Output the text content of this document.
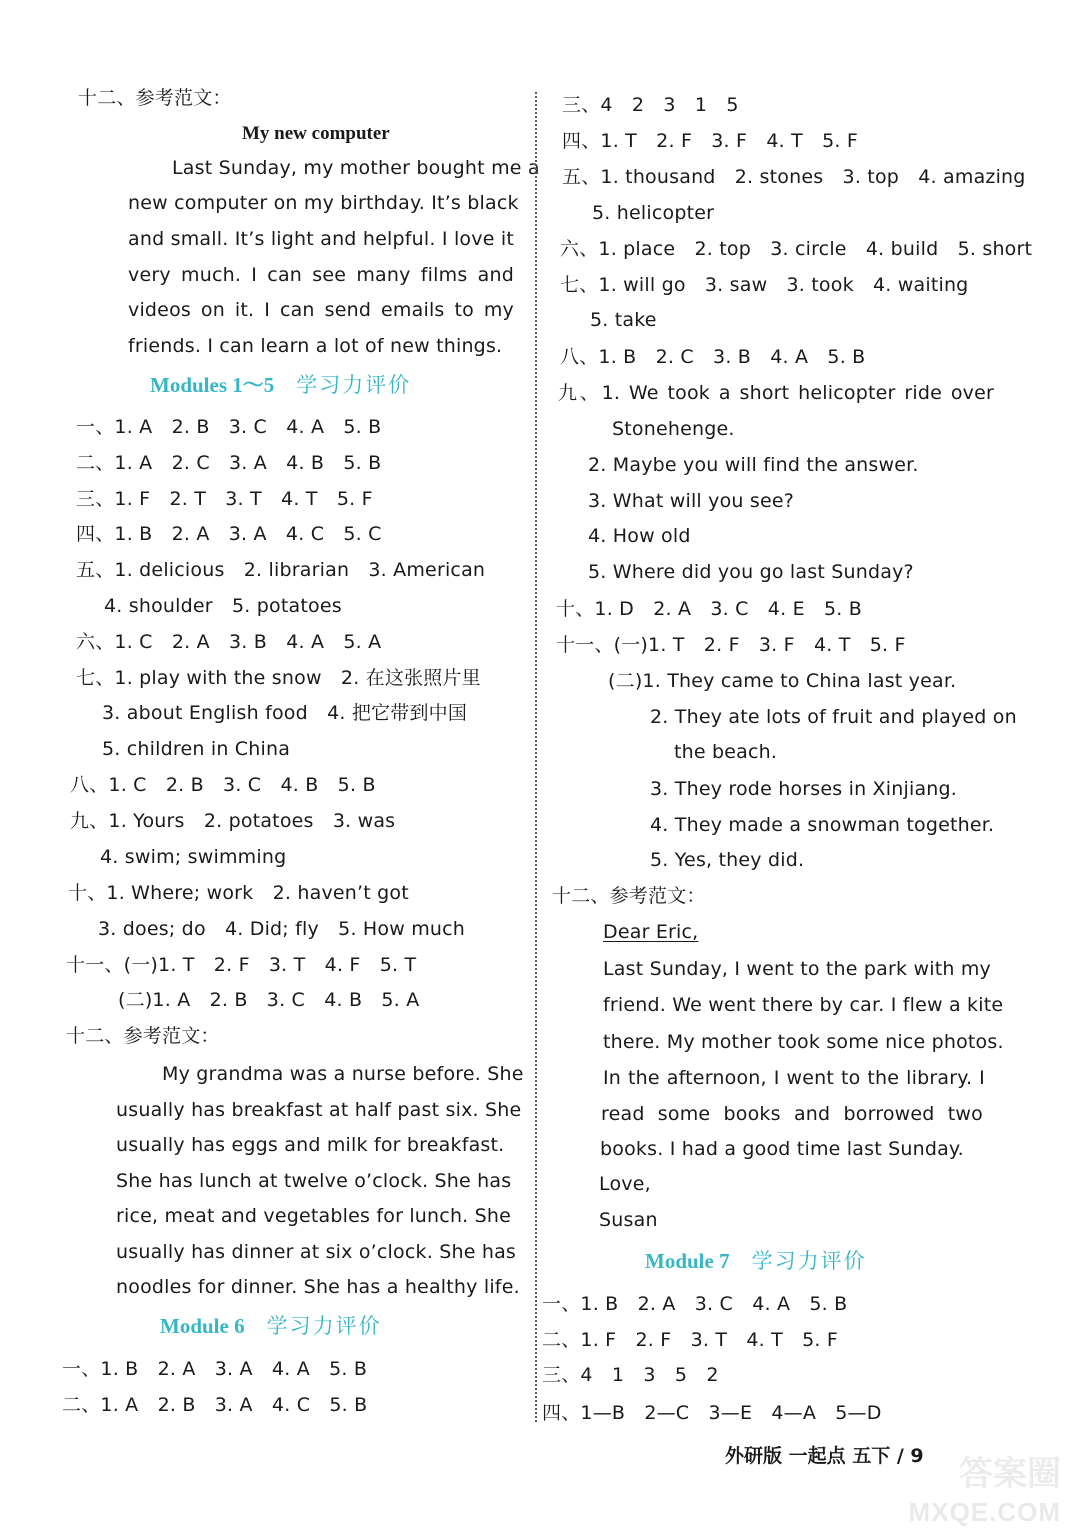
十二、参考范文：
My new computer
Last Sunday, my mother bought me a
new computer on my birthday. It’s black
and small. It’s light and helpful. I love it
very much. I can see many films and
videos on it. I can send emails to my
friends. I can learn a lot of new things.
Modules 1～5 学习力评价
一、1. A　2. B　3. C　4. A　5. B
二、1. A　2. C　3. A　4. B　5. B
三、1. F　2. T　3. T　4. T　5. F
四、1. B　2. A　3. A　4. C　5. C
五、1. delicious　2. librarian　3. American
4. shoulder　5. potatoes
六、1. C　2. A　3. B　4. A　5. A
七、1. play with the snow　2. 在这张照片里
3. about English food　4. 把它带到中国
5. children in China
八、1. C　2. B　3. C　4. B　5. B
九、1. Yours　2. potatoes　3. was
4. swim; swimming
十、1. Where; work　2. haven’t got
3. does; do　4. Did; fly　5. How much
十一、(一)1. T　2. F　3. T　4. F　5. T
(二)1. A　2. B　3. C　4. B　5. A
十二、参考范文：
My grandma was a nurse before. She
usually has breakfast at half past six. She
usually has eggs and milk for breakfast.
She has lunch at twelve o’clock. She has
rice, meat and vegetables for lunch. She
usually has dinner at six o’clock. She has
noodles for dinner. She has a healthy life.
Module 6 学习力评价
一、1. B　2. A　3. A　4. A　5. B
二、1. A　2. B　3. A　4. C　5. B
三、4　2　3　1　5
四、1. T　2. F　3. F　4. T　5. F
五、1. thousand　2. stones　3. top　4. amazing
5. helicopter
六、1. place　2. top　3. circle　4. build　5. short
七、1. will go　3. saw　3. took　4. waiting
5. take
八、1. B　2. C　3. B　4. A　5. B
九、1. We took a short helicopter ride over
Stonehenge.
2. Maybe you will find the answer.
3. What will you see?
4. How old
5. Where did you go last Sunday?
十、1. D　2. A　3. C　4. E　5. B
十一、(一)1. T　2. F　3. F　4. T　5. F
(二)1. They came to China last year.
2. They ate lots of fruit and played on
the beach.
3. They rode horses in Xinjiang.
4. They made a snowman together.
5. Yes, they did.
十二、参考范文：
Dear Eric,
Last Sunday, I went to the park with my
friend. We went there by car. I flew a kite
there. My mother took some nice photos.
In the afternoon, I went to the library. I
read some books and borrowed two
books. I had a good time last Sunday.
Love,
Susan
Module 7 学习力评价
一、1. B　2. A　3. C　4. A　5. B
二、1. F　2. F　3. T　4. T　5. F
三、4　1　3　5　2
四、1—B　2—C　3—E　4—A　5—D
外研版 一起点 五下 / 9 答案圈
MXQE.COM
